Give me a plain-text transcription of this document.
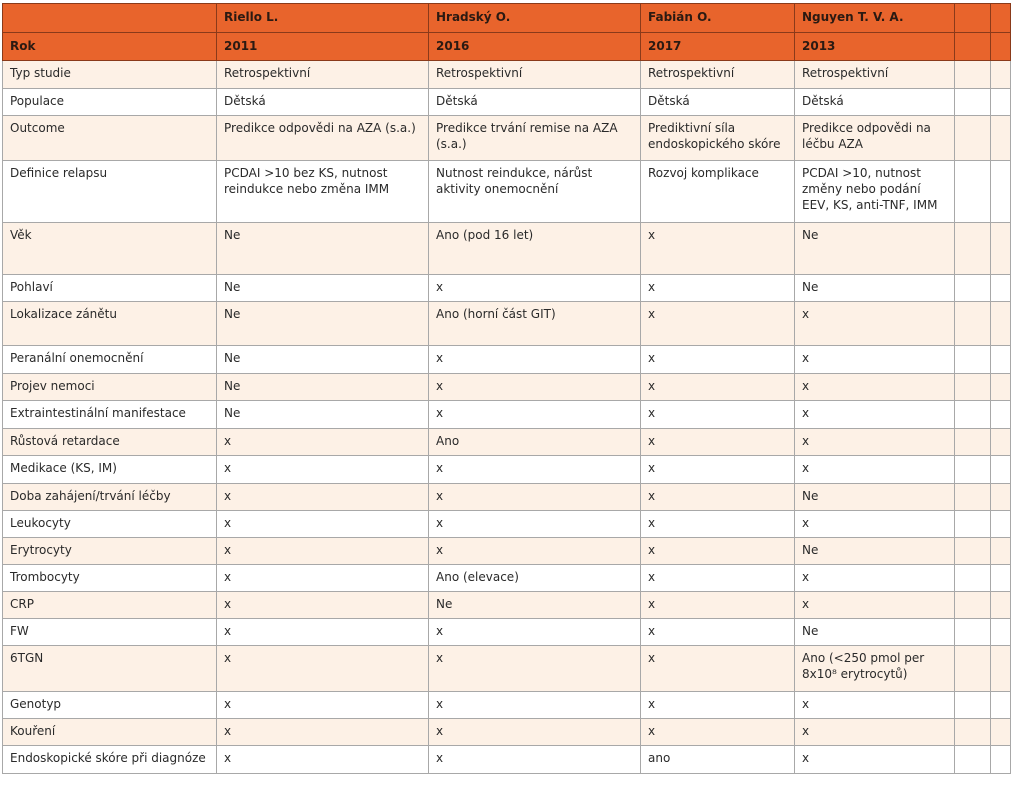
	Riello L.	Hradský O.	Fabián O.	Nguyen T. V. A.		
Rok	2011	2016	2017	2013		
Typ studie	Retrospektivní	Retrospektivní	Retrospektivní	Retrospektivní		
Populace	Dětská	Dětská	Dětská	Dětská		
Outcome	Predikce odpovědi na AZA (s.a.)	Predikce trvání remise na AZA (s.a.)	Prediktivní síla endoskopického skóre	Predikce odpovědi na léčbu AZA		
Definice relapsu	PCDAI >10 bez KS, nutnost reindukce nebo změna IMM	Nutnost reindukce, nárůst aktivity onemocnění	Rozvoj komplikace	PCDAI >10, nutnost změny nebo podání EEV, KS, anti-TNF, IMM		
Věk	Ne	Ano (pod 16 let)	x	Ne		
Pohlaví	Ne	x	x	Ne		
Lokalizace zánětu	Ne	Ano (horní část GIT)	x	x		
Peranální onemocnění	Ne	x	x	x		
Projev nemoci	Ne	x	x	x		
Extraintestinální manifestace	Ne	x	x	x		
Růstová retardace	x	Ano	x	x		
Medikace (KS, IM)	x	x	x	x		
Doba zahájení/trvání léčby	x	x	x	Ne		
Leukocyty	x	x	x	x		
Erytrocyty	x	x	x	Ne		
Trombocyty	x	Ano (elevace)	x	x		
CRP	x	Ne	x	x		
FW	x	x	x	Ne		
6TGN	x	x	x	Ano (<250 pmol per 8x10⁸ erytrocytů)		
Genotyp	x	x	x	x		
Kouření	x	x	x	x		
Endoskopické skóre při diagnóze	x	x	ano	x		
